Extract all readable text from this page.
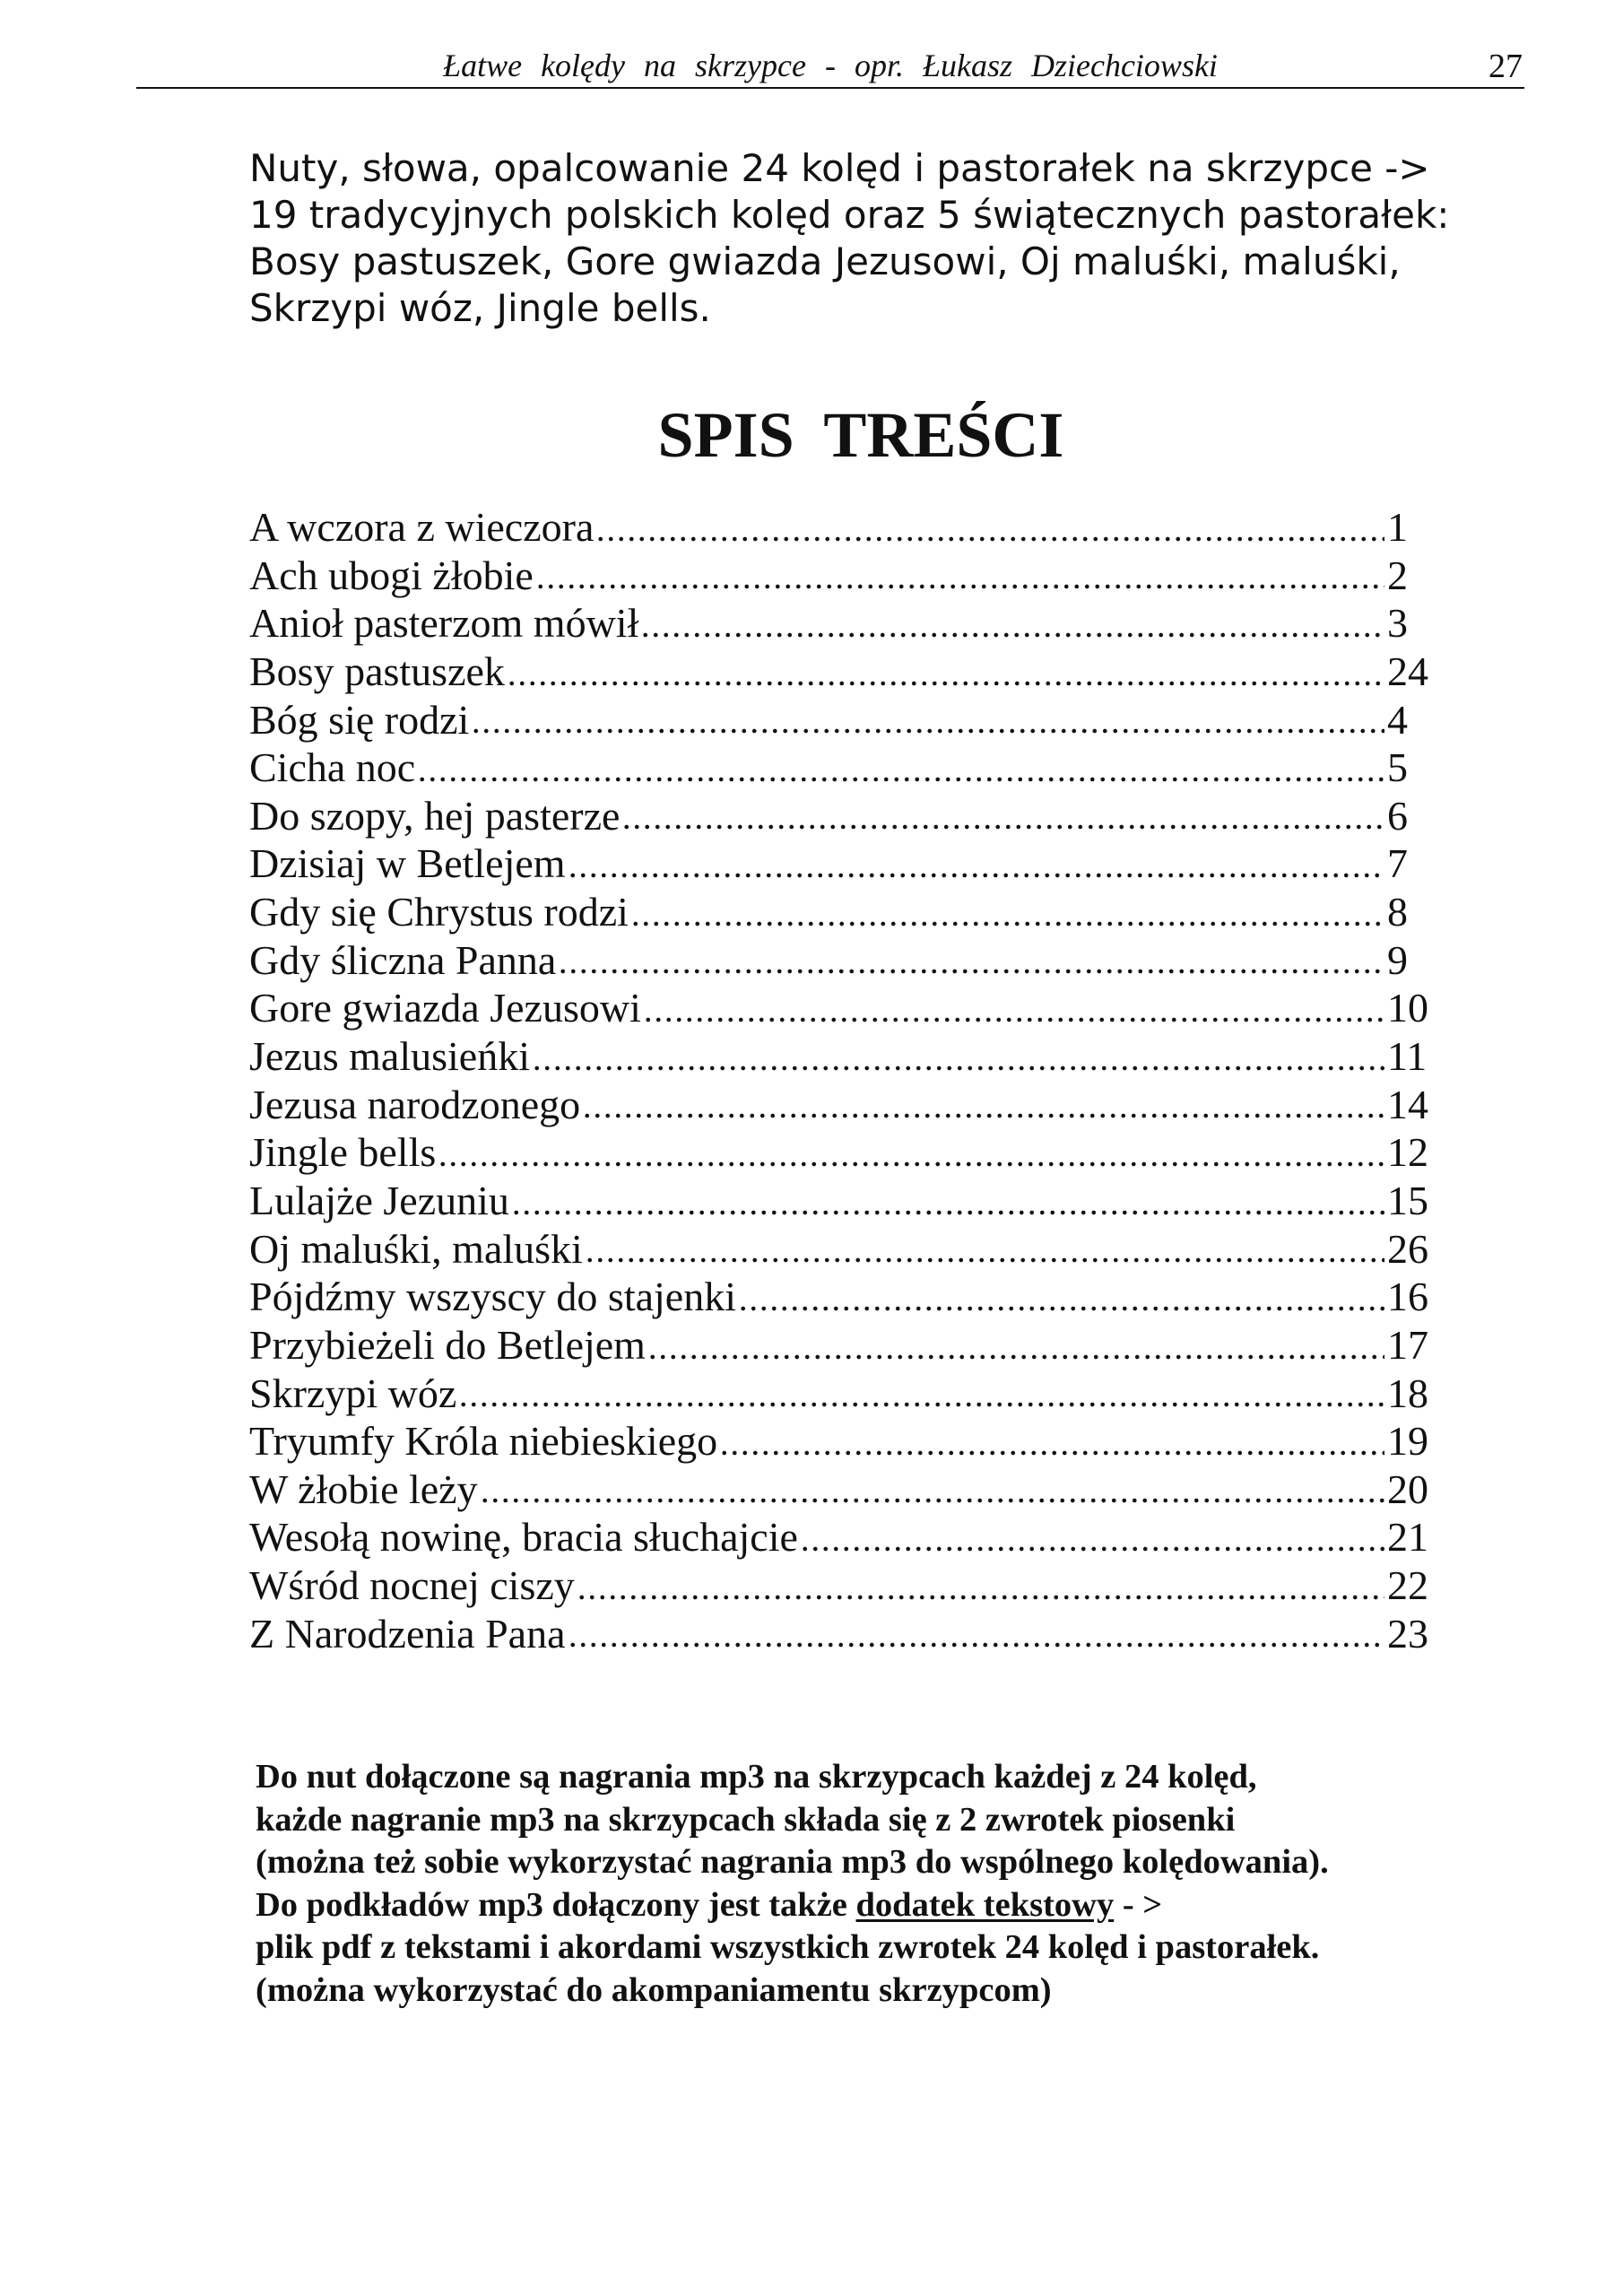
Łatwe kolędy na skrzypce - opr. Łukasz Dziechciowski	27
Nuty, słowa, opalcowanie 24 kolęd i pastorałek na skrzypce ->
19 tradycyjnych polskich kolęd oraz 5 świątecznych pastorałek:
Bosy pastuszek, Gore gwiazda Jezusowi, Oj maluśki, maluśki,
Skrzypi wóz, Jingle bells.
SPIS TREŚCI
A wczora z wieczora	1
Ach ubogi żłobie	2
Anioł pasterzom mówił	3
Bosy pastuszek	24
Bóg się rodzi	4
Cicha noc	5
Do szopy, hej pasterze	6
Dzisiaj w Betlejem	7
Gdy się Chrystus rodzi	8
Gdy śliczna Panna	9
Gore gwiazda Jezusowi	10
Jezus malusieńki	11
Jezusa narodzonego	14
Jingle bells	12
Lulajże Jezuniu	15
Oj maluśki, maluśki	26
Pójdźmy wszyscy do stajenki	16
Przybieżeli do Betlejem	17
Skrzypi wóz	18
Tryumfy Króla niebieskiego	19
W żłobie leży	20
Wesołą nowinę, bracia słuchajcie	21
Wśród nocnej ciszy	22
Z Narodzenia Pana	23
Do nut dołączone są nagrania mp3 na skrzypcach każdej z 24 kolęd,
każde nagranie mp3 na skrzypcach składa się z 2 zwrotek piosenki
(można też sobie wykorzystać nagrania mp3 do wspólnego kolędowania).
Do podkładów mp3 dołączony jest także dodatek tekstowy - >
plik pdf z tekstami i akordami wszystkich zwrotek 24 kolęd i pastorałek.
(można wykorzystać do akompaniamentu skrzypcom)
